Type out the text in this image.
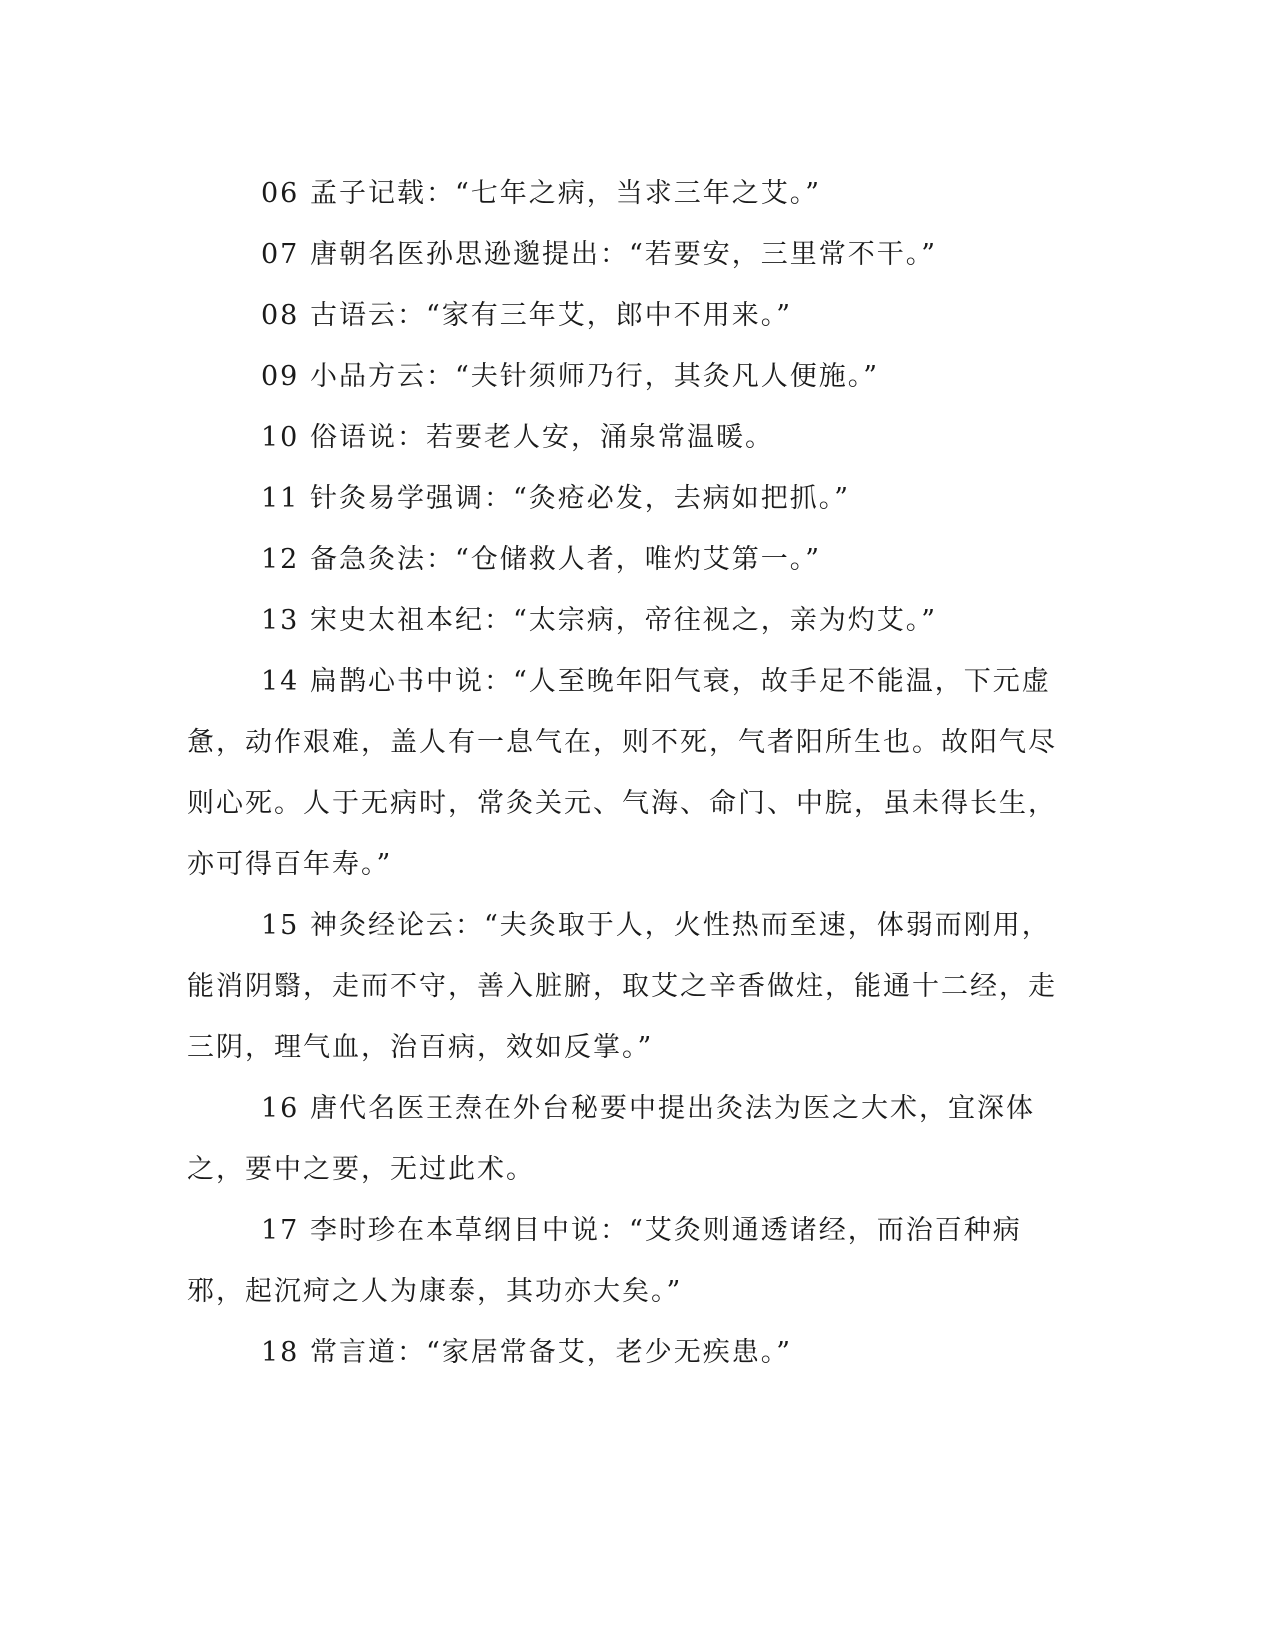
06 孟子记载：“七年之病，当求三年之艾。”

07 唐朝名医孙思逊邈提出：“若要安，三里常不干。”

08 古语云：“家有三年艾，郎中不用来。”

09 小品方云：“夫针须师乃行，其灸凡人便施。”

10 俗语说：若要老人安，涌泉常温暖。

11 针灸易学强调：“灸疮必发，去病如把抓。”

12 备急灸法：“仓储救人者，唯灼艾第一。”

13 宋史太祖本纪：“太宗病，帝往视之，亲为灼艾。”

14 扁鹊心书中说：“人至晚年阳气衰，故手足不能温，下元虚惫，动作艰难，盖人有一息气在，则不死，气者阳所生也。故阳气尽则心死。人于无病时，常灸关元、气海、命门、中脘，虽未得长生，亦可得百年寿。”

15 神灸经论云：“夫灸取于人，火性热而至速，体弱而刚用，能消阴翳，走而不守，善入脏腑，取艾之辛香做炷，能通十二经，走三阴，理气血，治百病，效如反掌。”

16 唐代名医王焘在外台秘要中提出灸法为医之大术，宜深体之，要中之要，无过此术。

17 李时珍在本草纲目中说：“艾灸则通透诸经，而治百种病邪，起沉疴之人为康泰，其功亦大矣。”

18 常言道：“家居常备艾，老少无疾患。”
